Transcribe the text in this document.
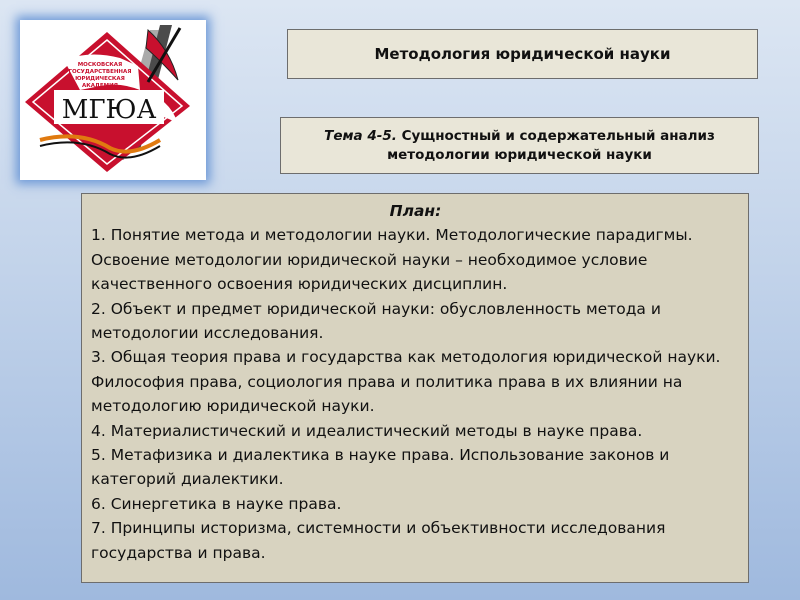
МОСКОВСКАЯ
ГОСУДАРСТВЕННАЯ
ЮРИДИЧЕСКАЯ
АКАДЕМИЯ
МГЮА
Методология юридической науки
Тема 4-5. Сущностный и содержательный анализ методологии юридической науки
План:
1. Понятие метода и методологии науки. Методологические парадигмы.
Освоение методологии юридической науки – необходимое условие
качественного освоения юридических дисциплин.
2. Объект и предмет юридической науки: обусловленность метода и
методологии исследования.
3. Общая теория права и государства как методология юридической науки.
Философия права, социология права и политика права в их влиянии на
методологию юридической науки.
4. Материалистический и идеалистический методы в науке права.
5. Метафизика и диалектика в науке права. Использование законов и
категорий диалектики.
6. Синергетика в науке права.
7. Принципы историзма, системности и объективности исследования
государства и права.
